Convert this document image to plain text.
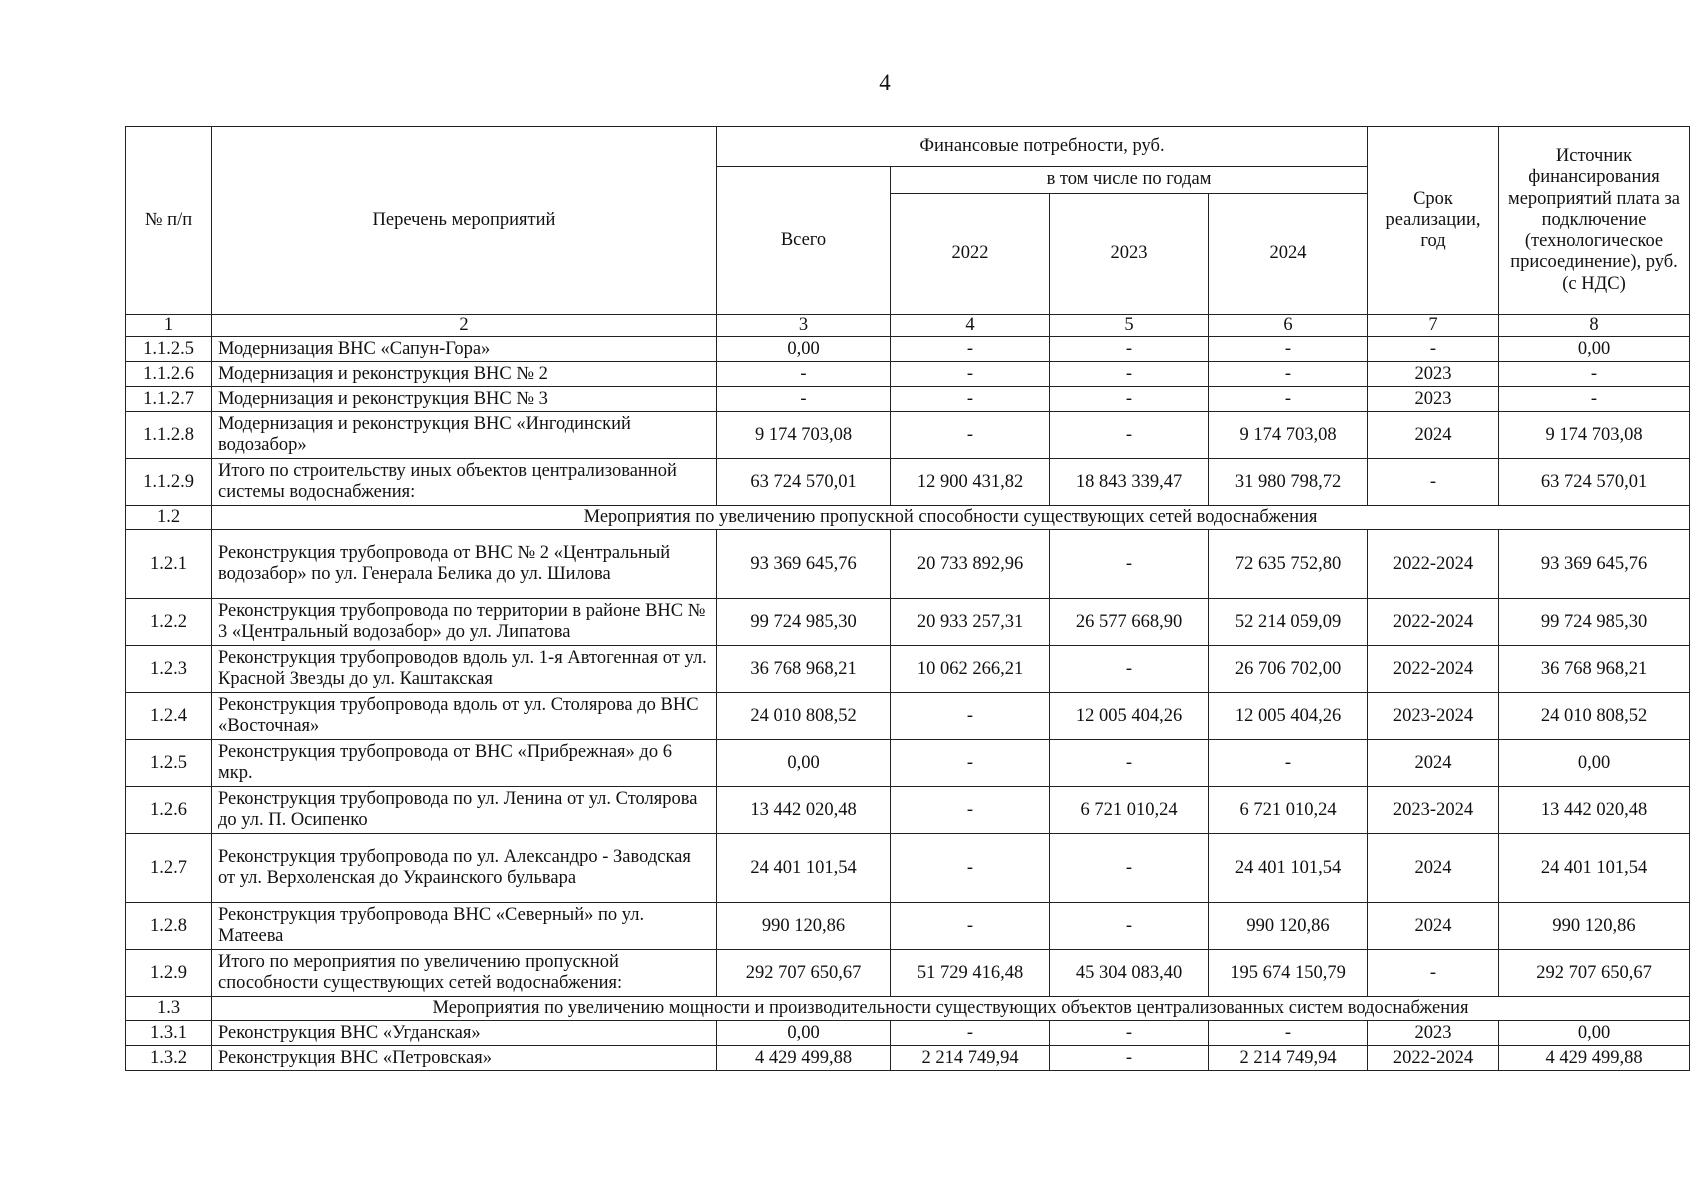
4
№ п/п	Перечень мероприятий	Финансовые потребности, руб.				Срок реализации, год	Источник финансирования мероприятий плата за подключение (технологическое присоединение), руб. (с НДС)
		Всего	в том числе по годам				
			2022	2023	2024		
1	2	3	4	5	6	7	8
1.1.2.5	Модернизация ВНС «Сапун-Гора»	0,00	-	-	-	-	0,00
1.1.2.6	Модернизация и реконструкция ВНС № 2	-	-	-	-	2023	-
1.1.2.7	Модернизация и реконструкция ВНС № 3	-	-	-	-	2023	-
1.1.2.8	Модернизация и реконструкция ВНС «Ингодинский водозабор»	9 174 703,08	-	-	9 174 703,08	2024	9 174 703,08
1.1.2.9	Итого по строительству иных объектов централизованной системы водоснабжения:	63 724 570,01	12 900 431,82	18 843 339,47	31 980 798,72	-	63 724 570,01
1.2	Мероприятия по увеличению пропускной способности существующих сетей водоснабжения						
1.2.1	Реконструкция трубопровода от ВНС № 2 «Центральный водозабор» по ул. Генерала Белика до ул. Шилова	93 369 645,76	20 733 892,96	-	72 635 752,80	2022-2024	93 369 645,76
1.2.2	Реконструкция трубопровода по территории в районе ВНС № 3 «Центральный водозабор» до ул. Липатова	99 724 985,30	20 933 257,31	26 577 668,90	52 214 059,09	2022-2024	99 724 985,30
1.2.3	Реконструкция трубопроводов вдоль ул. 1-я Автогенная от ул. Красной Звезды до ул. Каштакская	36 768 968,21	10 062 266,21	-	26 706 702,00	2022-2024	36 768 968,21
1.2.4	Реконструкция трубопровода вдоль от ул. Столярова до ВНС «Восточная»	24 010 808,52	-	12 005 404,26	12 005 404,26	2023-2024	24 010 808,52
1.2.5	Реконструкция трубопровода от ВНС «Прибрежная» до 6 мкр.	0,00	-	-	-	2024	0,00
1.2.6	Реконструкция трубопровода по ул. Ленина от ул. Столярова до ул. П. Осипенко	13 442 020,48	-	6 721 010,24	6 721 010,24	2023-2024	13 442 020,48
1.2.7	Реконструкция трубопровода по ул. Александро - Заводская от ул. Верхоленская до Украинского бульвара	24 401 101,54	-	-	24 401 101,54	2024	24 401 101,54
1.2.8	Реконструкция трубопровода ВНС «Северный» по ул. Матеева	990 120,86	-	-	990 120,86	2024	990 120,86
1.2.9	Итого по мероприятия по увеличению пропускной способности существующих сетей водоснабжения:	292 707 650,67	51 729 416,48	45 304 083,40	195 674 150,79	-	292 707 650,67
1.3	Мероприятия по увеличению мощности и производительности существующих объектов централизованных систем водоснабжения						
1.3.1	Реконструкция ВНС «Угданская»	0,00	-	-	-	2023	0,00
1.3.2	Реконструкция ВНС «Петровская»	4 429 499,88	2 214 749,94	-	2 214 749,94	2022-2024	4 429 499,88
